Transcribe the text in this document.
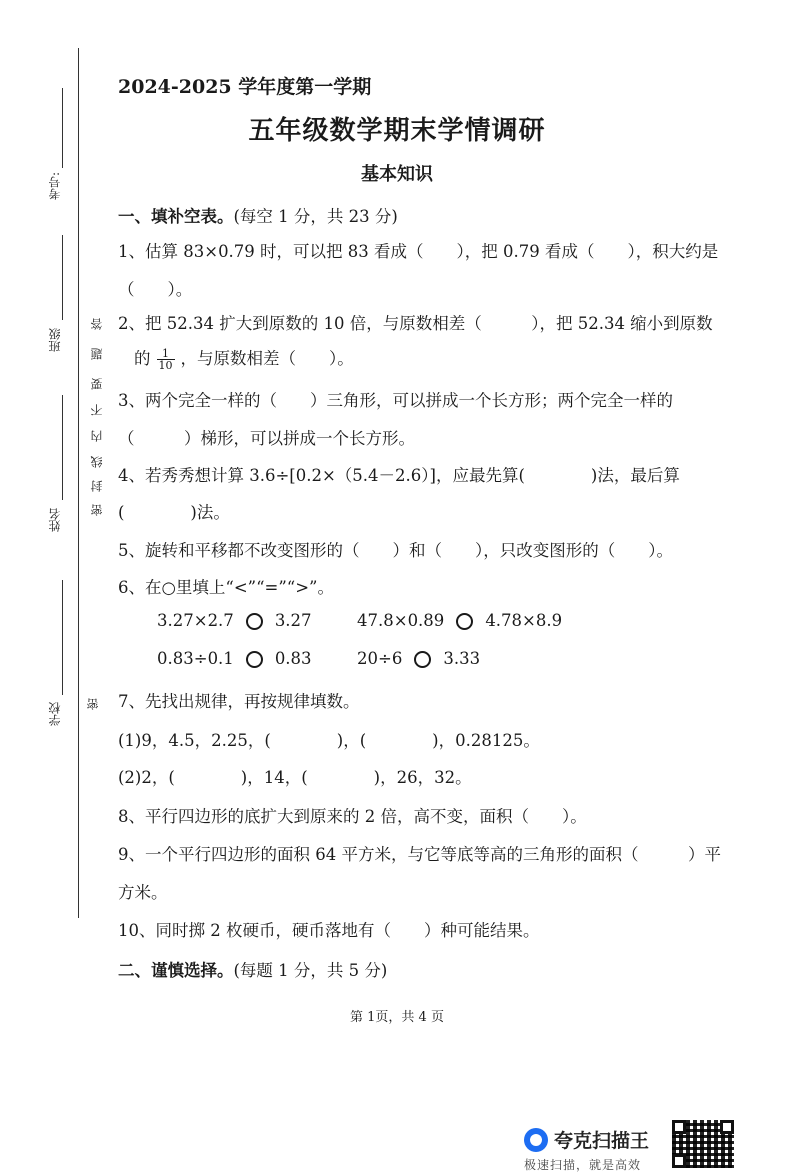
考号:
班级
姓名
学校
答
题
要
不
内
线
封
密
密
2024-2025 学年度第一学期
五年级数学期末学情调研
基本知识
一、填补空表。(每空 1 分，共 23 分)
1、估算 83×0.79 时，可以把 83 看成（　　），把 0.79 看成（　　），积大约是
（　　）。
2、把 52.34 扩大到原数的 10 倍，与原数相差（　　　），把 52.34 缩小到原数
的 $\frac{1}{10}$ ，与原数相差（　　）。
3、两个完全一样的（　　）三角形，可以拼成一个长方形；两个完全一样的
（　　　）梯形，可以拼成一个长方形。
4、若秀秀想计算 3.6÷[0.2×（5.4－2.6）]，应最先算(　　　　)法，最后算
(　　　　)法。
5、旋转和平移都不改变图形的（　　）和（　　），只改变图形的（　　）。
6、在○里填上“<”“=”“>”。
3.27×2.7 3.27	47.8×0.89 4.78×8.9
0.83÷0.1 0.83	20÷6 3.33
7、先找出规律，再按规律填数。
(1)9，4.5，2.25，(　　　　)，(　　　　)，0.28125。
(2)2，(　　　　)，14，(　　　　)，26，32。
8、平行四边形的底扩大到原来的 2 倍，高不变，面积（　　）。
9、一个平行四边形的面积 64 平方米，与它等底等高的三角形的面积（　　　）平
方米。
10、同时掷 2 枚硬币，硬币落地有（　　）种可能结果。
二、谨慎选择。(每题 1 分，共 5 分)
第 1页，共 4 页
夸克扫描王
极速扫描，就是高效
